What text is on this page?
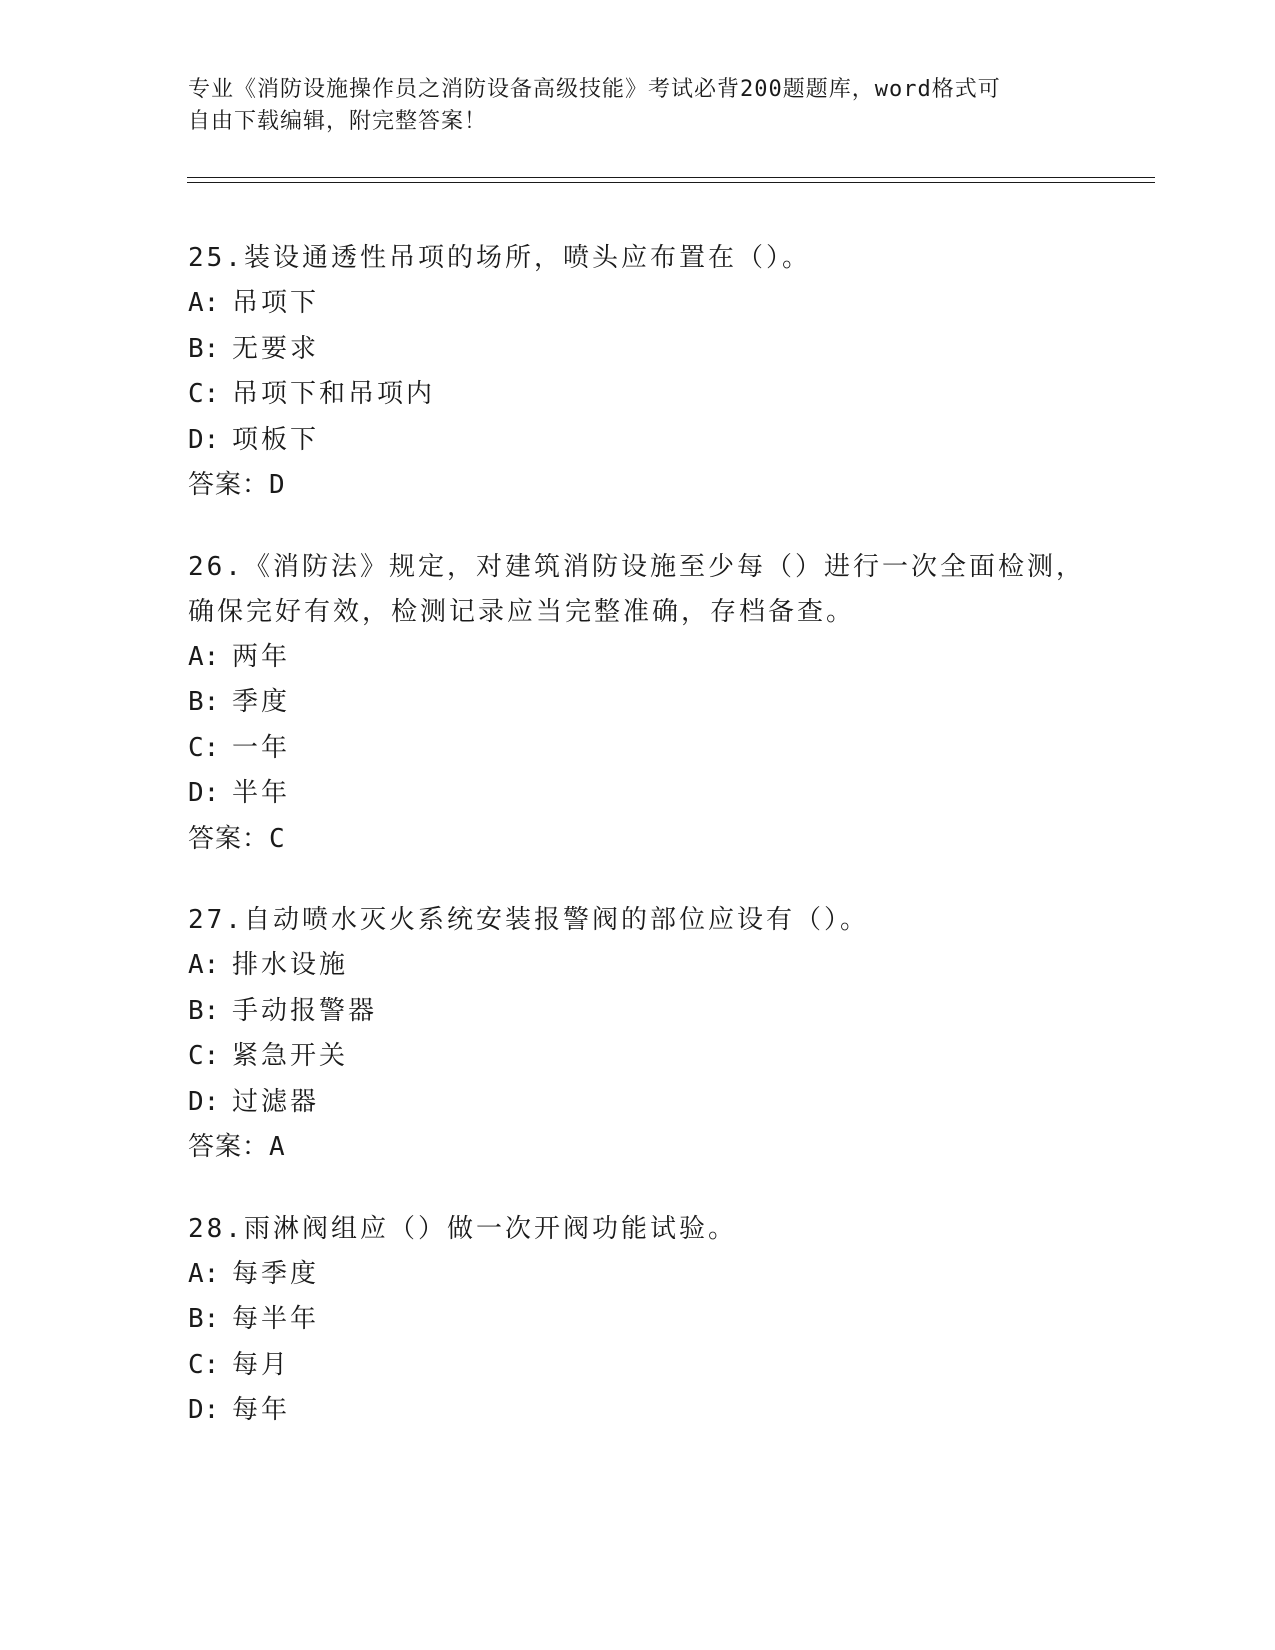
专业《消防设施操作员之消防设备高级技能》考试必背200题题库，word格式可
自由下载编辑，附完整答案！

25.装设通透性吊项的场所，喷头应布置在（）。

A: 吊项下

B: 无要求

C: 吊项下和吊项内

D: 项板下

答案：D

26.《消防法》规定，对建筑消防设施至少每（）进行一次全面检测，

确保完好有效，检测记录应当完整准确，存档备查。

A: 两年

B: 季度

C: 一年

D: 半年

答案：C

27.自动喷水灭火系统安装报警阀的部位应设有（）。

A: 排水设施

B: 手动报警器

C: 紧急开关

D: 过滤器

答案：A

28.雨淋阀组应（）做一次开阀功能试验。

A: 每季度

B: 每半年

C: 每月

D: 每年
